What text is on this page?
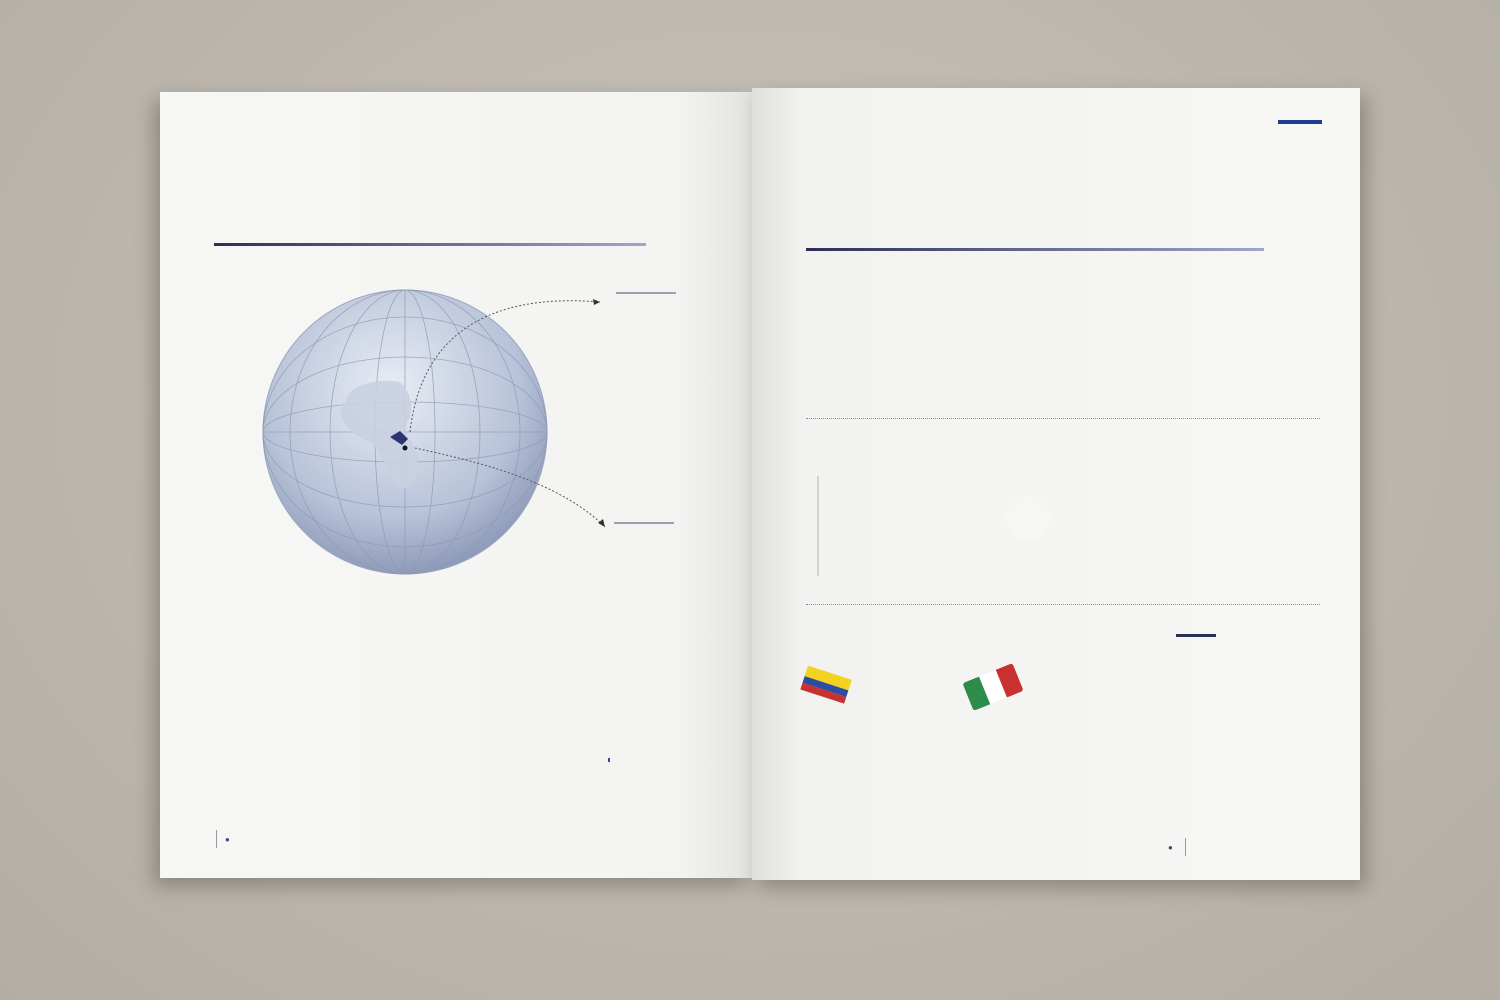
●

●
